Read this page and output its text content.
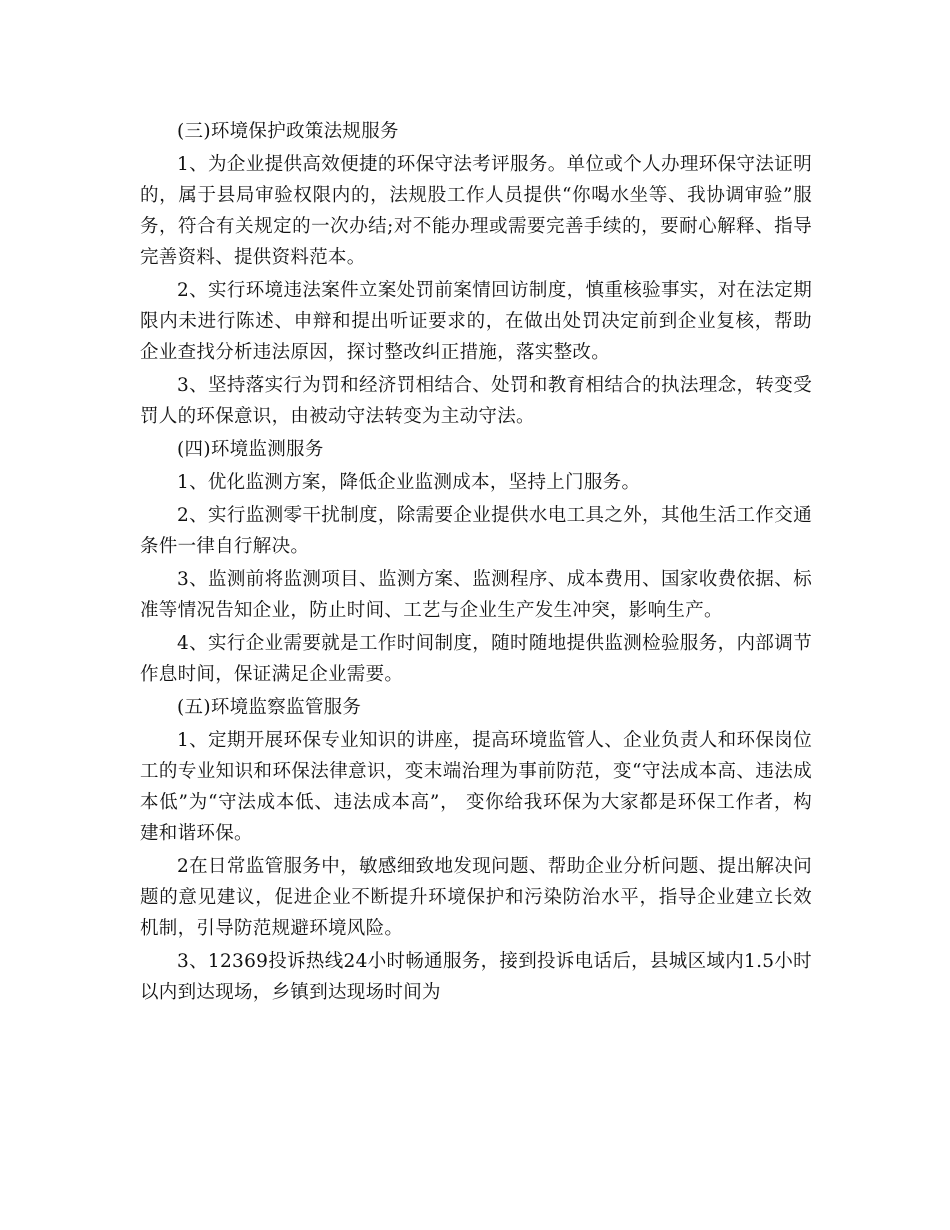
(三)环境保护政策法规服务

1、为企业提供高效便捷的环保守法考评服务。单位或个人办理环保守法证明的，属于县局审验权限内的，法规股工作人员提供“你喝水坐等、我协调审验”服务，符合有关规定的一次办结;对不能办理或需要完善手续的，要耐心解释、指导完善资料、提供资料范本。

2、实行环境违法案件立案处罚前案情回访制度，慎重核验事实，对在法定期限内未进行陈述、申辩和提出听证要求的，在做出处罚决定前到企业复核，帮助企业查找分析违法原因，探讨整改纠正措施，落实整改。

3、坚持落实行为罚和经济罚相结合、处罚和教育相结合的执法理念，转变受罚人的环保意识，由被动守法转变为主动守法。

(四)环境监测服务

1、优化监测方案，降低企业监测成本，坚持上门服务。

2、实行监测零干扰制度，除需要企业提供水电工具之外，其他生活工作交通条件一律自行解决。

3、监测前将监测项目、监测方案、监测程序、成本费用、国家收费依据、标准等情况告知企业，防止时间、工艺与企业生产发生冲突，影响生产。

4、实行企业需要就是工作时间制度，随时随地提供监测检验服务，内部调节作息时间，保证满足企业需要。

(五)环境监察监管服务

1、定期开展环保专业知识的讲座，提高环境监管人、企业负责人和环保岗位工的专业知识和环保法律意识，变末端治理为事前防范，变“守法成本高、违法成本低”为“守法成本低、违法成本高”， 变你给我环保为大家都是环保工作者，构建和谐环保。

2在日常监管服务中，敏感细致地发现问题、帮助企业分析问题、提出解决问题的意见建议，促进企业不断提升环境保护和污染防治水平，指导企业建立长效机制，引导防范规避环境风险。

3、12369投诉热线24小时畅通服务，接到投诉电话后，县城区域内1.5小时以内到达现场，乡镇到达现场时间为
